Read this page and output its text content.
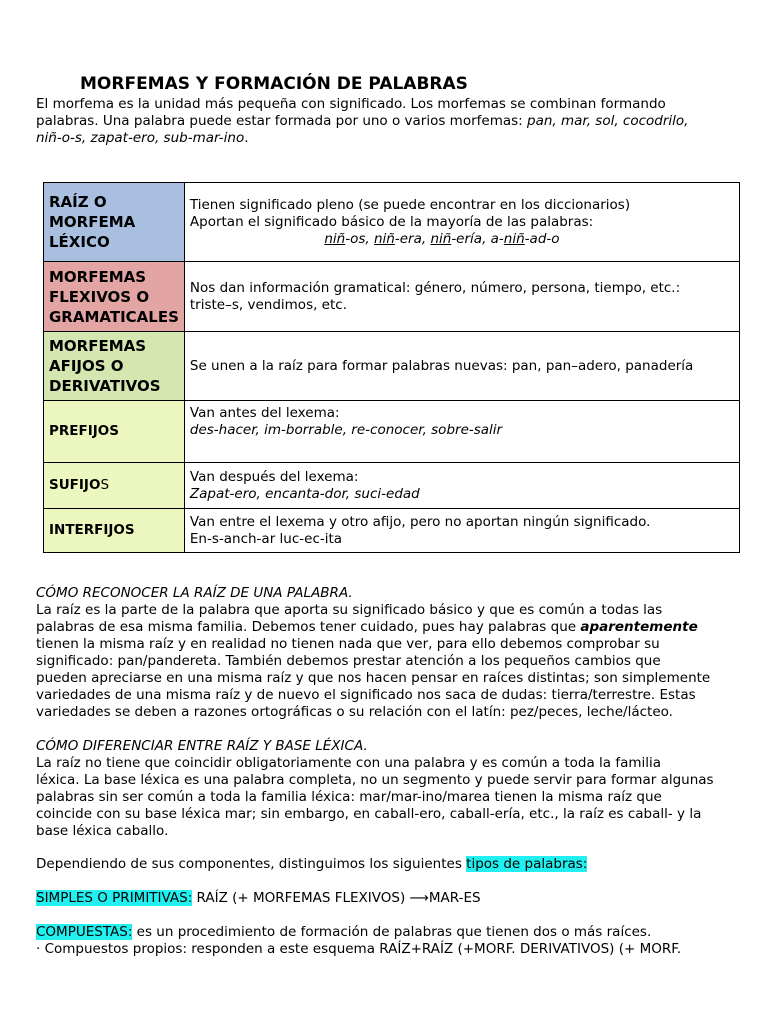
MORFEMAS Y FORMACIÓN DE PALABRAS

El morfema es la unidad más pequeña con significado. Los morfemas se combinan formando
palabras. Una palabra puede estar formada por uno o varios morfemas: pan, mar, sol, cocodrilo,
niñ-o-s, zapat-ero, sub-mar-ino.

RAÍZ O
MORFEMA
LÉXICO	Tienen significado pleno (se puede encontrar en los diccionarios)
Aportan el significado básico de la mayoría de las palabras:

niñ-os, niñ-era, niñ-ería, a-niñ-ad-o

MORFEMAS
FLEXIVOS O
GRAMATICALES	Nos dan información gramatical: género, número, persona, tiempo, etc.:
triste–s, vendimos, etc.
MORFEMAS
AFIJOS O
DERIVATIVOS	Se unen a la raíz para formar palabras nuevas: pan, pan–adero, panadería
PREFIJOS	Van antes del lexema:
des-hacer, im-borrable, re-conocer, sobre-salir
SUFIJOS	Van después del lexema:
Zapat-ero, encanta-dor, suci-edad
INTERFIJOS	Van entre el lexema y otro afijo, pero no aportan ningún significado.
En-s-anch-ar luc-ec-ita
CÓMO RECONOCER LA RAÍZ DE UNA PALABRA.
La raíz es la parte de la palabra que aporta su significado básico y que es común a todas las
palabras de esa misma familia. Debemos tener cuidado, pues hay palabras que aparentemente
tienen la misma raíz y en realidad no tienen nada que ver, para ello debemos comprobar su
significado: pan/pandereta. También debemos prestar atención a los pequeños cambios que
pueden apreciarse en una misma raíz y que nos hacen pensar en raíces distintas; son simplemente
variedades de una misma raíz y de nuevo el significado nos saca de dudas: tierra/terrestre. Estas
variedades se deben a razones ortográficas o su relación con el latín: pez/peces, leche/lácteo.
CÓMO DIFERENCIAR ENTRE RAÍZ Y BASE LÉXICA.
La raíz no tiene que coincidir obligatoriamente con una palabra y es común a toda la familia
léxica. La base léxica es una palabra completa, no un segmento y puede servir para formar algunas
palabras sin ser común a toda la familia léxica: mar/mar-ino/marea tienen la misma raíz que
coincide con su base léxica mar; sin embargo, en caball-ero, caball-ería, etc., la raíz es caball- y la
base léxica caballo.
Dependiendo de sus componentes, distinguimos los siguientes tipos de palabras:
SIMPLES O PRIMITIVAS: RAÍZ (+ MORFEMAS FLEXIVOS) ⟶MAR-ES
COMPUESTAS: es un procedimiento de formación de palabras que tienen dos o más raíces.
· Compuestos propios: responden a este esquema RAÍZ+RAÍZ (+MORF. DERIVATIVOS) (+ MORF.
